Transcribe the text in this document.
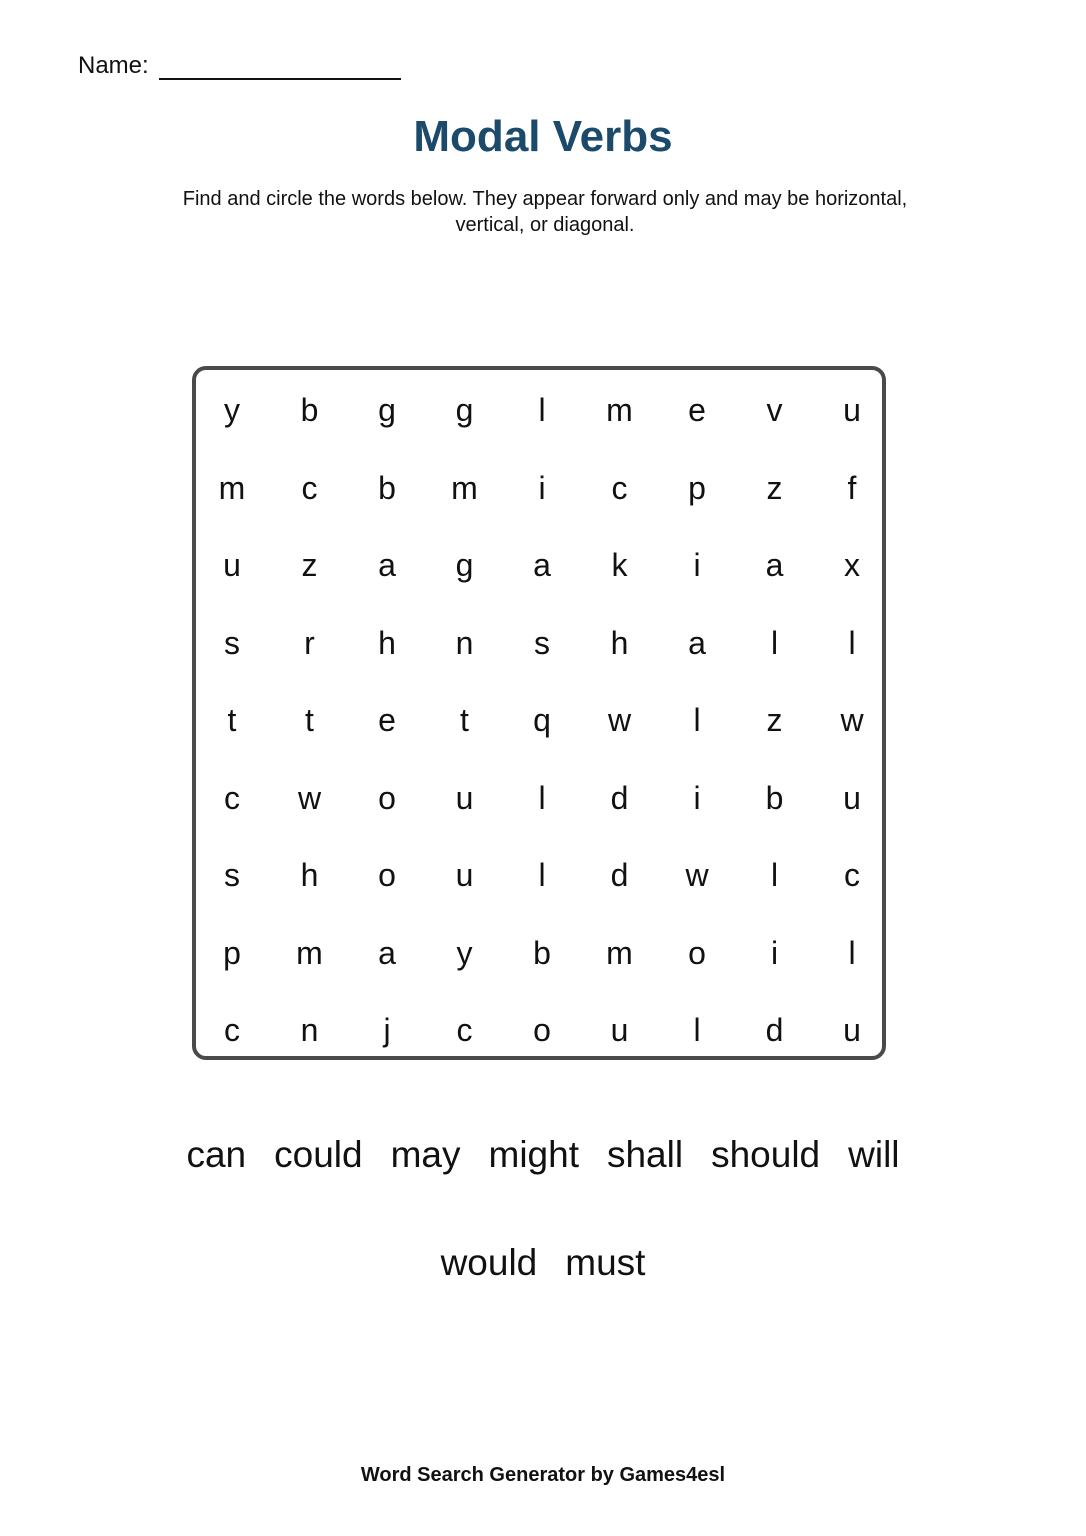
Name:
Modal Verbs
Find and circle the words below. They appear forward only and may be horizontal,
vertical, or diagonal.
y	b	g	g	l	m	e	v	u
m	c	b	m	i	c	p	z	f
u	z	a	g	a	k	i	a	x
s	r	h	n	s	h	a	l	l
t	t	e	t	q	w	l	z	w
c	w	o	u	l	d	i	b	u
s	h	o	u	l	d	w	l	c
p	m	a	y	b	m	o	i	l
c	n	j	c	o	u	l	d	u
can could may might shall should will
would must
Word Search Generator by Games4esl
